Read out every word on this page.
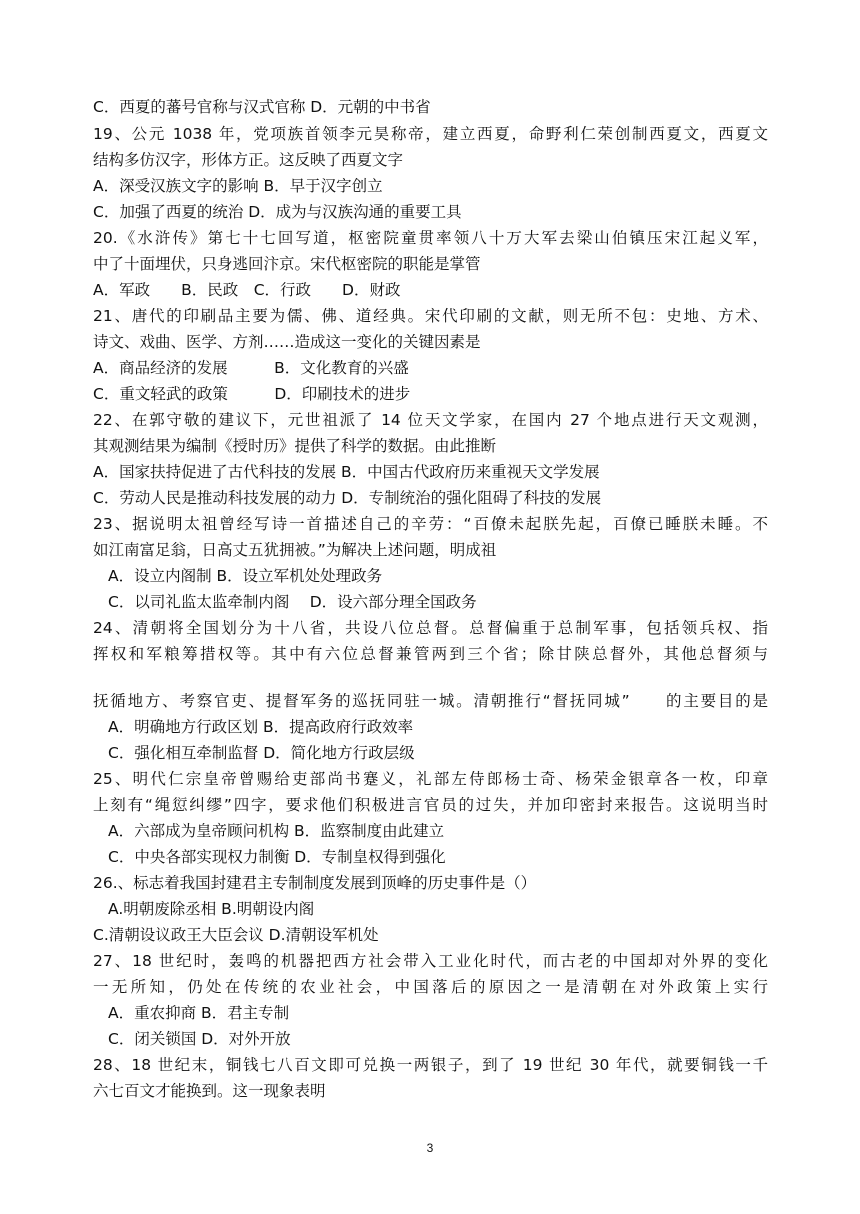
C．西夏的蕃号官称与汉式官称 D．元朝的中书省

19、公元 1038 年，党项族首领李元昊称帝，建立西夏，命野利仁荣创制西夏文，西夏文

结构多仿汉字，形体方正。这反映了西夏文字

A．深受汉族文字的影响 B．早于汉字创立

C．加强了西夏的统治 D．成为与汉族沟通的重要工具

20.《水浒传》第七十七回写道，枢密院童贯率领八十万大军去梁山伯镇压宋江起义军，

中了十面埋伏，只身逃回汴京。宋代枢密院的职能是掌管

A．军政　　B．民政　C．行政　　D．财政

21、唐代的印刷品主要为儒、佛、道经典。宋代印刷的文献，则无所不包：史地、方术、

诗文、戏曲、医学、方剂……造成这一变化的关键因素是

A．商品经济的发展　　　B．文化教育的兴盛

C．重文轻武的政策　　　D．印刷技术的进步

22、在郭守敬的建议下，元世祖派了 14 位天文学家，在国内 27 个地点进行天文观测，

其观测结果为编制《授时历》提供了科学的数据。由此推断

A．国家扶持促进了古代科技的发展 B．中国古代政府历来重视天文学发展

C．劳动人民是推动科技发展的动力 D．专制统治的强化阻碍了科技的发展

23、据说明太祖曾经写诗一首描述自己的辛劳：“百僚未起朕先起，百僚已睡朕未睡。不

如江南富足翁，日高丈五犹拥被。”为解决上述问题，明成祖

A．设立内阁制 B．设立军机处处理政务

C．以司礼监太监牵制内阁　 D．设六部分理全国政务

24、清朝将全国划分为十八省，共设八位总督。总督偏重于总制军事，包括领兵权、指

挥权和军粮筹措权等。其中有六位总督兼管两到三个省；除甘陕总督外，其他总督须与

抚循地方、考察官吏、提督军务的巡抚同驻一城。清朝推行“督抚同城”　　的主要目的是

A．明确地方行政区划 B．提高政府行政效率

C．强化相互牵制监督 D．简化地方行政层级

25、明代仁宗皇帝曾赐给吏部尚书蹇义，礼部左侍郎杨士奇、杨荣金银章各一枚，印章

上刻有“绳愆纠缪”四字，要求他们积极进言官员的过失，并加印密封来报告。这说明当时

A．六部成为皇帝顾问机构 B．监察制度由此建立

C．中央各部实现权力制衡 D．专制皇权得到强化

26.、标志着我国封建君主专制制度发展到顶峰的历史事件是（）

A.明朝废除丞相 B.明朝设内阁

C.清朝设议政王大臣会议 D.清朝设军机处

27、18 世纪时，轰鸣的机器把西方社会带入工业化时代，而古老的中国却对外界的变化

一无所知，仍处在传统的农业社会，中国落后的原因之一是清朝在对外政策上实行

A．重农抑商 B．君主专制

C．闭关锁国 D．对外开放

28、18 世纪末，铜钱七八百文即可兑换一两银子，到了 19 世纪 30 年代，就要铜钱一千

六七百文才能换到。这一现象表明

3
